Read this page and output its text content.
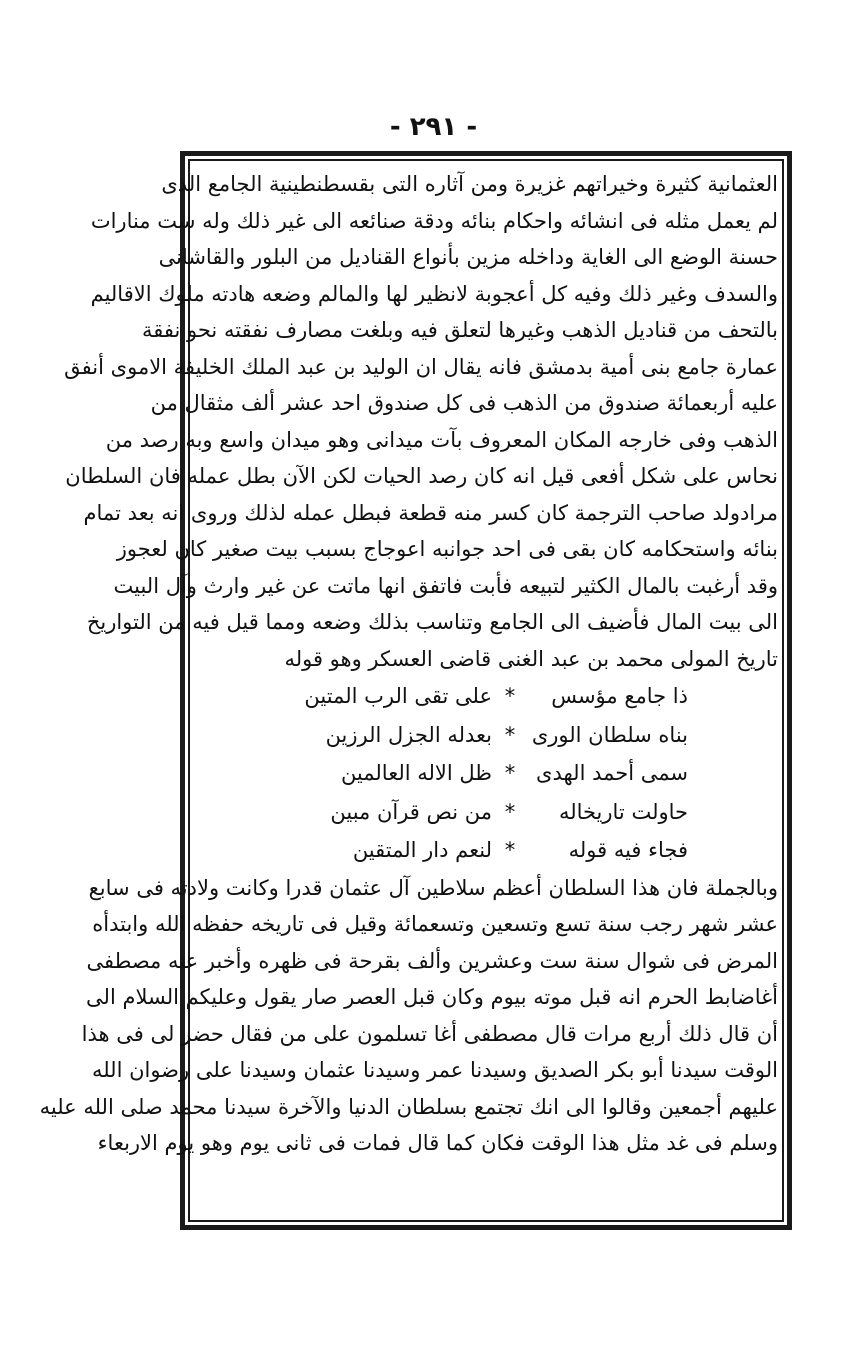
- ٢٩١ -
العثمانية كثيرة وخيراتهم غزيرة ومن آثاره التى بقسطنطينية الجامع الذى
لم يعمل مثله فى انشائه واحكام بنائه ودقة صنائعه الى غير ذلك وله ست منارات
حسنة الوضع الى الغاية وداخله مزين بأنواع القناديل من البلور والقاشانى
والسدف وغير ذلك وفيه كل أعجوبة لانظير لها والمالم وضعه هادته ملوك الاقاليم
بالتحف من قناديل الذهب وغيرها لتعلق فيه وبلغت مصارف نفقته نحو نفقة
عمارة جامع بنى أمية بدمشق فانه يقال ان الوليد بن عبد الملك الخليفة الاموى أنفق
عليه أربعمائة صندوق من الذهب فى كل صندوق احد عشر ألف مثقال من
الذهب وفى خارجه المكان المعروف بآت ميدانى وهو ميدان واسع وبه رصد من
نحاس على شكل أفعى قيل انه كان رصد الحيات لكن الآن بطل عمله فان السلطان
مرادولد صاحب الترجمة كان كسر منه قطعة فبطل عمله لذلك وروى انه بعد تمام
بنائه واستحكامه كان بقى فى احد جوانبه اعوجاج بسبب بيت صغير كان لعجوز
وقد أرغبت بالمال الكثير لتبيعه فأبت فاتفق انها ماتت عن غير وارث وآل البيت
الى بيت المال فأضيف الى الجامع وتناسب بذلك وضعه ومما قيل فيه من التواريخ
تاريخ المولى محمد بن عبد الغنى قاضى العسكر وهو قوله
ذا جامع مؤسس
*
على تقى الرب المتين
بناه سلطان الورى
*
بعدله الجزل الرزين
سمى أحمد الهدى
*
ظل الاله العالمين
حاولت تاريخاله
*
من نص قرآن مبين
فجاء فيه قوله
*
لنعم دار المتقين
وبالجملة فان هذا السلطان أعظم سلاطين آل عثمان قدرا وكانت ولادته فى سابع
عشر شهر رجب سنة تسع وتسعين وتسعمائة وقيل فى تاريخه حفظه الله وابتدأه
المرض فى شوال سنة ست وعشرين وألف بقرحة فى ظهره وأخبر عنه مصطفى
أغاضابط الحرم انه قبل موته بيوم وكان قبل العصر صار يقول وعليكم السلام الى
أن قال ذلك أربع مرات قال مصطفى أغا تسلمون على من فقال حضر لى فى هذا
الوقت سيدنا أبو بكر الصديق وسيدنا عمر وسيدنا عثمان وسيدنا على رضوان الله
عليهم أجمعين وقالوا الى انك تجتمع بسلطان الدنيا والآخرة سيدنا محمد صلى الله عليه
وسلم فى غد مثل هذا الوقت فكان كما قال فمات فى ثانى يوم وهو يوم الاربعاء
